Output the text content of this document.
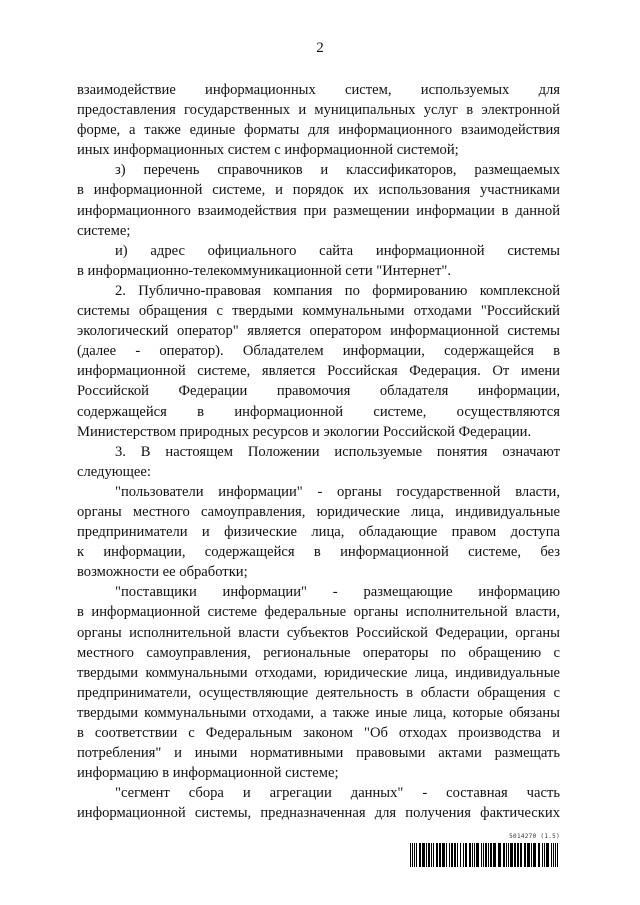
2
взаимодействие информационных систем, используемых для
предоставления государственных и муниципальных услуг в электронной
форме, а также единые форматы для информационного взаимодействия
иных информационных систем с информационной системой;
з) перечень справочников и классификаторов, размещаемых
в информационной системе, и порядок их использования участниками
информационного взаимодействия при размещении информации в данной
системе;
и) адрес официального сайта информационной системы
в информационно-телекоммуникационной сети "Интернет".
2. Публично-правовая компания по формированию комплексной
системы обращения с твердыми коммунальными отходами "Российский
экологический оператор" является оператором информационной системы
(далее - оператор). Обладателем информации, содержащейся в
информационной системе, является Российская Федерация. От имени
Российской Федерации правомочия обладателя информации,
содержащейся в информационной системе, осуществляются
Министерством природных ресурсов и экологии Российской Федерации.
3. В настоящем Положении используемые понятия означают
следующее:
"пользователи информации" - органы государственной власти,
органы местного самоуправления, юридические лица, индивидуальные
предприниматели и физические лица, обладающие правом доступа
к информации, содержащейся в информационной системе, без
возможности ее обработки;
"поставщики информации" - размещающие информацию
в информационной системе федеральные органы исполнительной власти,
органы исполнительной власти субъектов Российской Федерации, органы
местного самоуправления, региональные операторы по обращению с
твердыми коммунальными отходами, юридические лица, индивидуальные
предприниматели, осуществляющие деятельность в области обращения с
твердыми коммунальными отходами, а также иные лица, которые обязаны
в соответствии с Федеральным законом "Об отходах производства и
потребления" и иными нормативными правовыми актами размещать
информацию в информационной системе;
"сегмент сбора и агрегации данных" - составная часть
информационной системы, предназначенная для получения фактических
5014270 (1.5)
